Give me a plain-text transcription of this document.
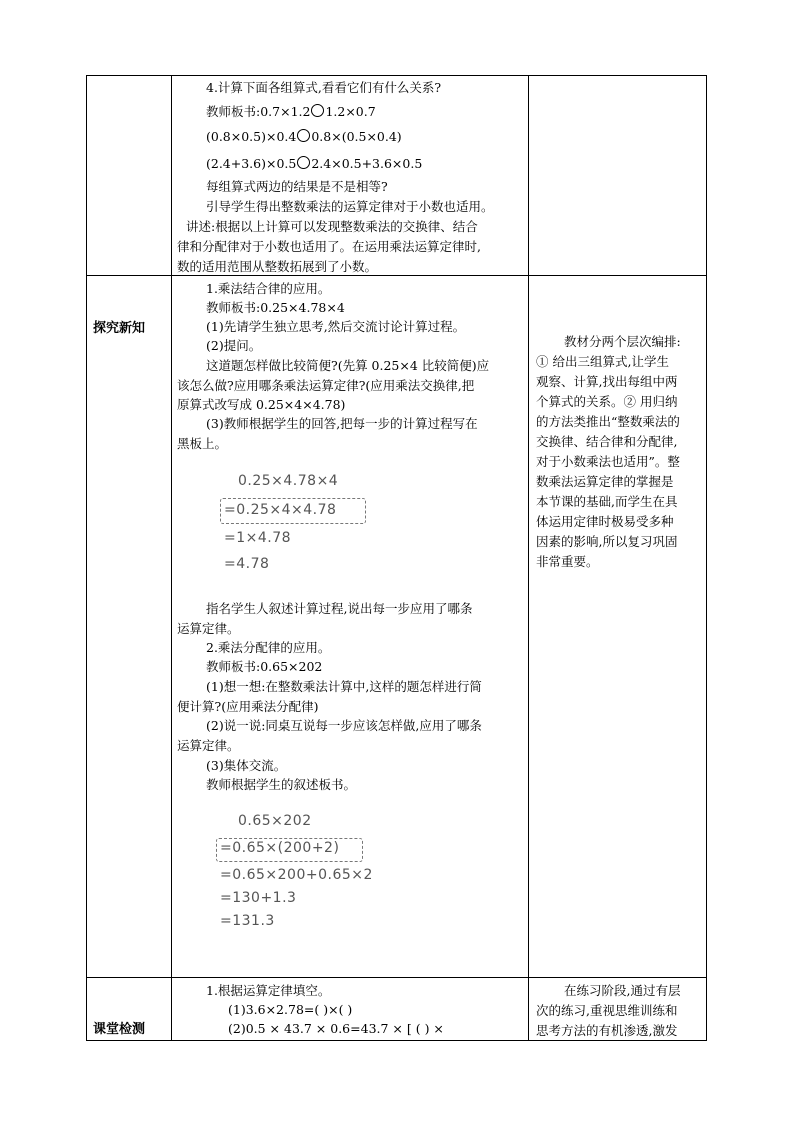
探究新知
课堂检测
4.计算下面各组算式,看看它们有什么关系?
教师板书:0.7×1.2 1.2×0.7
(0.8×0.5)×0.4 0.8×(0.5×0.4)
(2.4+3.6)×0.5 2.4×0.5+3.6×0.5
每组算式两边的结果是不是相等?
引导学生得出整数乘法的运算定律对于小数也适用。
讲述:根据以上计算可以发现整数乘法的交换律、结合
律和分配律对于小数也适用了。在运用乘法运算定律时,
数的适用范围从整数拓展到了小数。
1.乘法结合律的应用。
教师板书:0.25×4.78×4
(1)先请学生独立思考,然后交流讨论计算过程。
(2)提问。
这道题怎样做比较简便?(先算 0.25×4 比较简便)应
该怎么做?应用哪条乘法运算定律?(应用乘法交换律,把
原算式改写成 0.25×4×4.78)
(3)教师根据学生的回答,把每一步的计算过程写在
黑板上。
0.25×4.78×4
=0.25×4×4.78
=1×4.78
=4.78
指名学生人叙述计算过程,说出每一步应用了哪条
运算定律。
2.乘法分配律的应用。
教师板书:0.65×202
(1)想一想:在整数乘法计算中,这样的题怎样进行简
便计算?(应用乘法分配律)
(2)说一说:同桌互说每一步应该怎样做,应用了哪条
运算定律。
(3)集体交流。
教师根据学生的叙述板书。
0.65×202
=0.65×(200+2)
=0.65×200+0.65×2
=130+1.3
=131.3
教材分两个层次编排:
① 给出三组算式,让学生
观察、计算,找出每组中两
个算式的关系。② 用归纳
的方法类推出“整数乘法的
交换律、结合律和分配律,
对于小数乘法也适用”。整
数乘法运算定律的掌握是
本节课的基础,而学生在具
体运用定律时极易受多种
因素的影响,所以复习巩固
非常重要。
1.根据运算定律填空。
(1)3.6×2.78=( )×( )
(2)0.5 × 43.7 × 0.6=43.7 × [ ( ) ×
在练习阶段,通过有层
次的练习,重视思维训练和
思考方法的有机渗透,激发
